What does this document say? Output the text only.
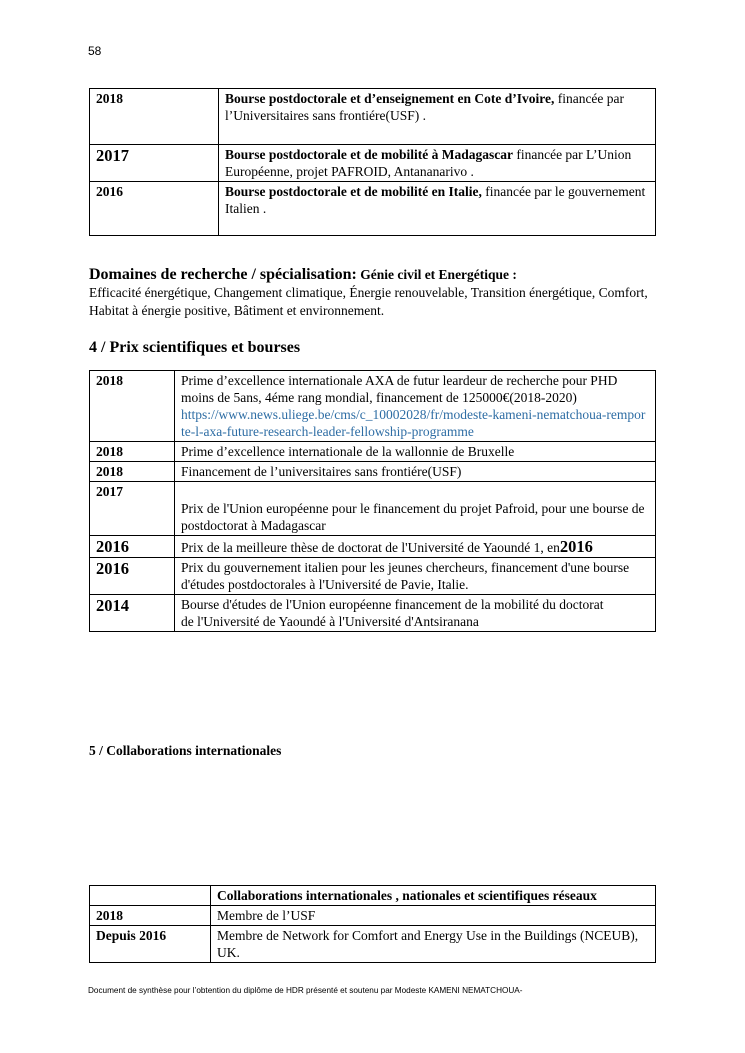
58
2018	Bourse postdoctorale et d’enseignement en Cote d’Ivoire, financée par l’Universitaires sans frontiére(USF) .
2017	Bourse postdoctorale et de mobilité à Madagascar financée par L’Union Européenne, projet PAFROID, Antananarivo .
2016	Bourse postdoctorale et de mobilité en Italie, financée par le gouvernement Italien .
Domaines de recherche / spécialisation: Génie civil et Energétique :
Efficacité énergétique, Changement climatique, Énergie renouvelable, Transition énergétique, Comfort, Habitat à énergie positive, Bâtiment et environnement.
4 / Prix scientifiques et bourses
2018	Prime d’excellence internationale AXA de futur leardeur de recherche pour PHD moins de 5ans, 4éme rang mondial, financement de 125000€(2018-2020)
https://www.news.uliege.be/cms/c_10002028/fr/modeste-kameni-nematchoua-remporte-l-axa-future-research-leader-fellowship-programme

2018	Prime d’excellence internationale de la wallonnie de Bruxelle
2018	Financement de l’universitaires sans frontiére(USF)
2017	Prix de l'Union européenne pour le financement du projet Pafroid, pour une bourse de postdoctorat à Madagascar
2016	Prix de la meilleure thèse de doctorat de l'Université de Yaoundé 1, en2016
2016	Prix du gouvernement italien pour les jeunes chercheurs, financement d'une bourse d'études postdoctorales à l'Université de Pavie, Italie.
2014	Bourse d'études de l'Union européenne financement de la mobilité du doctorat
de l'Université de Yaoundé à l'Université d'Antsiranana
5 / Collaborations internationales
	Collaborations internationales , nationales et scientifiques réseaux
2018	Membre de l’USF
Depuis 2016	Membre de Network for Comfort and Energy Use in the Buildings (NCEUB), UK.
Document de synthèse pour l’obtention du diplôme de HDR présenté et soutenu par Modeste KAMENI NEMATCHOUA-
